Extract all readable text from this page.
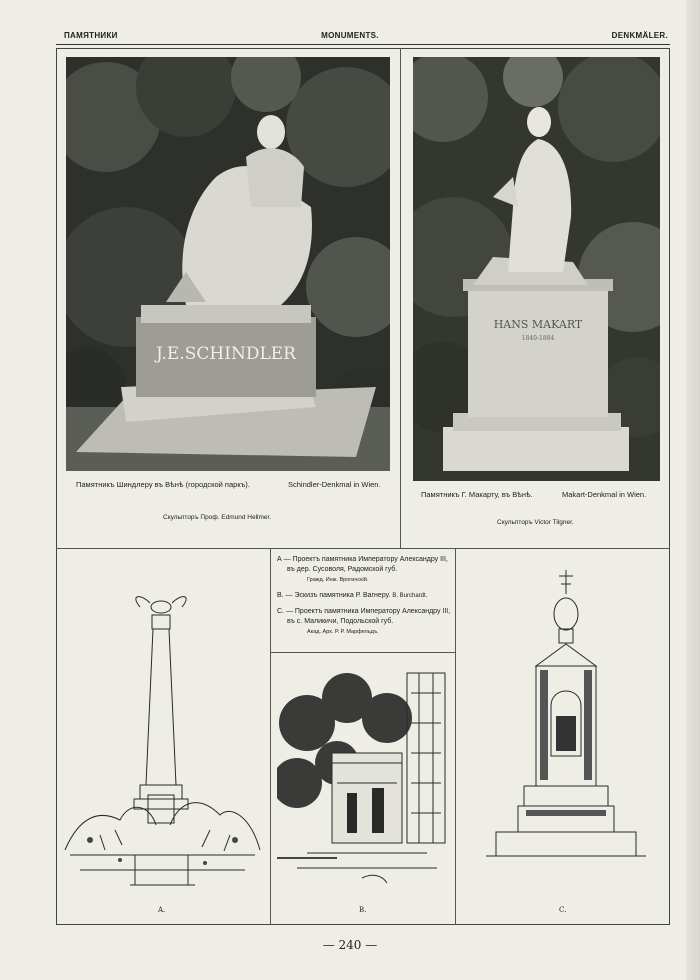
ПАМЯТНИКИ	MONUMENTS.	DENKMÄLER.
J.E.SCHINDLER
Памятникъ Шиндлеру въ Вѣнѣ (городской паркъ).	Schindler-Denkmal in Wien.
Скульпторъ Проф. Edmund Hellmer.
HANS MAKART
1840-1884
Памятникъ Г. Макарту, въ Вѣнѣ.	Makart-Denkmal in Wien.
Скульпторъ Victor Tilgner.
А — Проектъ памятника Императору Александру III,
въ дер. Сусоволя, Радомской губ.
Гражд. Инж. Врогинскій.
В. — Эскизъ памятника Р. Вагнеру. B. Burchardt.
С. — Проектъ памятника Императору Александру III,
въ с. Маликичи, Подольской губ.
Акад. Арх. Р. Р. Марфельдъ.
A.	B.	C.
— 240 —
